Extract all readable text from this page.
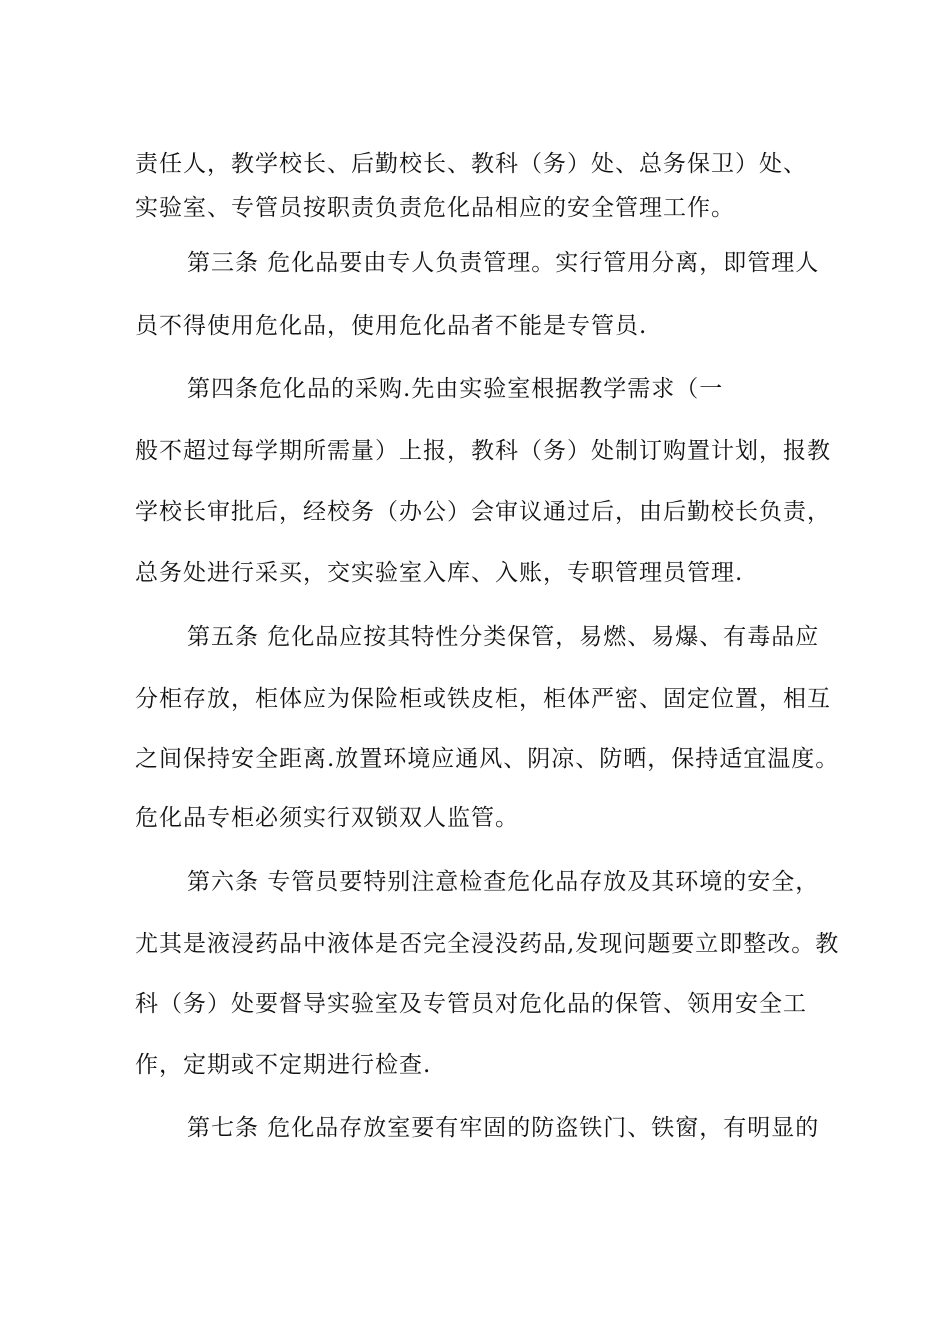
责任人，教学校长、后勤校长、教科（务）处、总务保卫）处、
实验室、专管员按职责负责危化品相应的安全管理工作。
第三条 危化品要由专人负责管理。实行管用分离，即管理人
员不得使用危化品，使用危化品者不能是专管员.
第四条危化品的采购.先由实验室根据教学需求（一
般不超过每学期所需量）上报，教科（务）处制订购置计划，报教
学校长审批后，经校务（办公）会审议通过后，由后勤校长负责，
总务处进行采买，交实验室入库、入账，专职管理员管理.
第五条 危化品应按其特性分类保管，易燃、易爆、有毒品应
分柜存放，柜体应为保险柜或铁皮柜，柜体严密、固定位置，相互
之间保持安全距离.放置环境应通风、阴凉、防晒，保持适宜温度。
危化品专柜必须实行双锁双人监管。
第六条 专管员要特别注意检查危化品存放及其环境的安全，
尤其是液浸药品中液体是否完全浸没药品,发现问题要立即整改。教
科（务）处要督导实验室及专管员对危化品的保管、领用安全工
作，定期或不定期进行检查.
第七条 危化品存放室要有牢固的防盗铁门、铁窗，有明显的
